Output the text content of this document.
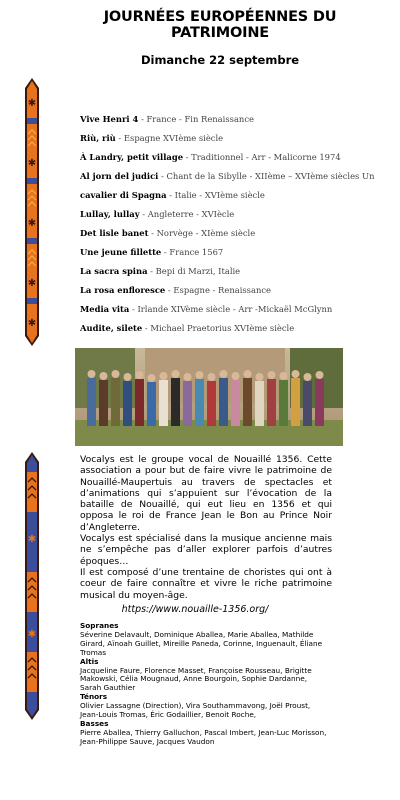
JOURNÉES EUROPÉENNES DU PATRIMOINE
Dimanche 22 septembre
✱
✱
✱
✱
✱
✱
✱
Vive Henri 4 - France - Fin Renaissance
Riù, riù - Espagne XVIème siècle
À Landry, petit village - Traditionnel - Arr - Malicorne 1974
Al jorn del judici - Chant de la Sibylle - XIIème – XVIème siècles Un
cavalier di Spagna - Italie - XVIème siècle
Lullay, lullay - Angleterre - XVIècle
Det lisle banet - Norvège - XIème siècle
Une jeune fillette - France 1567
La sacra spina - Bepi di Marzi, Italie
La rosa enfloresce - Espagne - Renaissance
Media vita - Irlande XIVème siècle - Arr -Mickaël McGlynn
Audite, silete - Michael Praetorius XVIème siècle

Vocalys est le groupe vocal de Nouaillé 1356. Cette association a pour but de faire vivre le patrimoine de Nouaillé-Maupertuis au travers de spectacles et d’animations qui s’appuient sur l’évocation de la bataille de Nouaillé, qui eut lieu en 1356 et qui opposa le roi de France Jean le Bon au Prince Noir d’Angleterre.

Vocalys est spécialisé dans la musique ancienne mais ne s’empêche pas d’aller explorer parfois d’autres époques…

Il est composé d’une trentaine de choristes qui ont à coeur de faire connaître et vivre le riche patrimoine musical du moyen-âge.

https://www.nouaille-1356.org/
Sopranes
Séverine Delavault, Dominique Aballea, Marie Aballea, Mathilde Girard, Aïnoah Guillet, Mireille Paneda, Corinne, Inguenault, Éliane Tromas
Altis
Jacqueline Faure, Florence Masset, Françoise Rousseau, Brigitte Makowski, Célia Mougnaud, Anne Bourgoin, Sophie Dardanne, Sarah Gauthier
Ténors
Olivier Lassagne (Direction), Vira Southammavong, Joël Proust, Jean-Louis Tromas, Éric Godaillier, Benoit Roche,
Basses
Pierre Aballea, Thierry Galluchon, Pascal Imbert, Jean-Luc Morisson, Jean-Philippe Sauve, Jacques Vaudon
